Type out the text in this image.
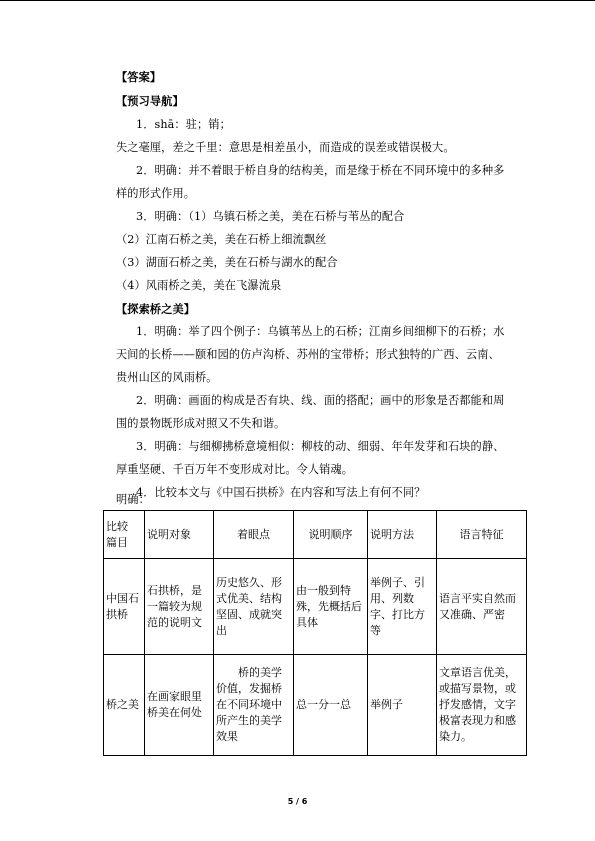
【答案】
【预习导航】
1．shā：驻；销；
失之毫厘，差之千里：意思是相差虽小，而造成的误差或错误极大。
2．明确：并不着眼于桥自身的结构美，而是缘于桥在不同环境中的多种多
样的形式作用。
3．明确：（1）乌镇石桥之美，美在石桥与苇丛的配合
（2）江南石桥之美，美在石桥上细流飘丝
（3）湖面石桥之美，美在石桥与湖水的配合
（4）风雨桥之美，美在飞瀑流泉
【探索桥之美】
1．明确：举了四个例子：乌镇苇丛上的石桥；江南乡间细柳下的石桥；水
天间的长桥——颐和园的仿卢沟桥、苏州的宝带桥；形式独特的广西、云南、
贵州山区的风雨桥。
2．明确：画面的构成是否有块、线、面的搭配；画中的形象是否都能和周
围的景物既形成对照又不失和谐。
3．明确：与细柳拂桥意境相似：柳枝的动、细弱、年年发芽和石块的静、
厚重坚硬、千百万年不变形成对比。令人销魂。
4．比较本文与《中国石拱桥》在内容和写法上有何不同？
明确：
比较
篇目	说明对象	着眼点	说明顺序	说明方法	语言特征
中国石
拱桥	石拱桥，是
一篇较为规
范的说明文	历史悠久、形
式优美、结构
坚固、成就突
出	由一般到特
殊，先概括后
具体	举例子、引
用、列数
字、打比方
等	语言平实自然而
又准确、严密
桥之美	在画家眼里
桥美在何处	　　桥的美学
价值，发掘桥
在不同环境中
所产生的美学
效果	总一分一总	举例子	文章语言优美，
或描写景物，或
抒发感情，文字
极富表现力和感
染力。
5 / 6
